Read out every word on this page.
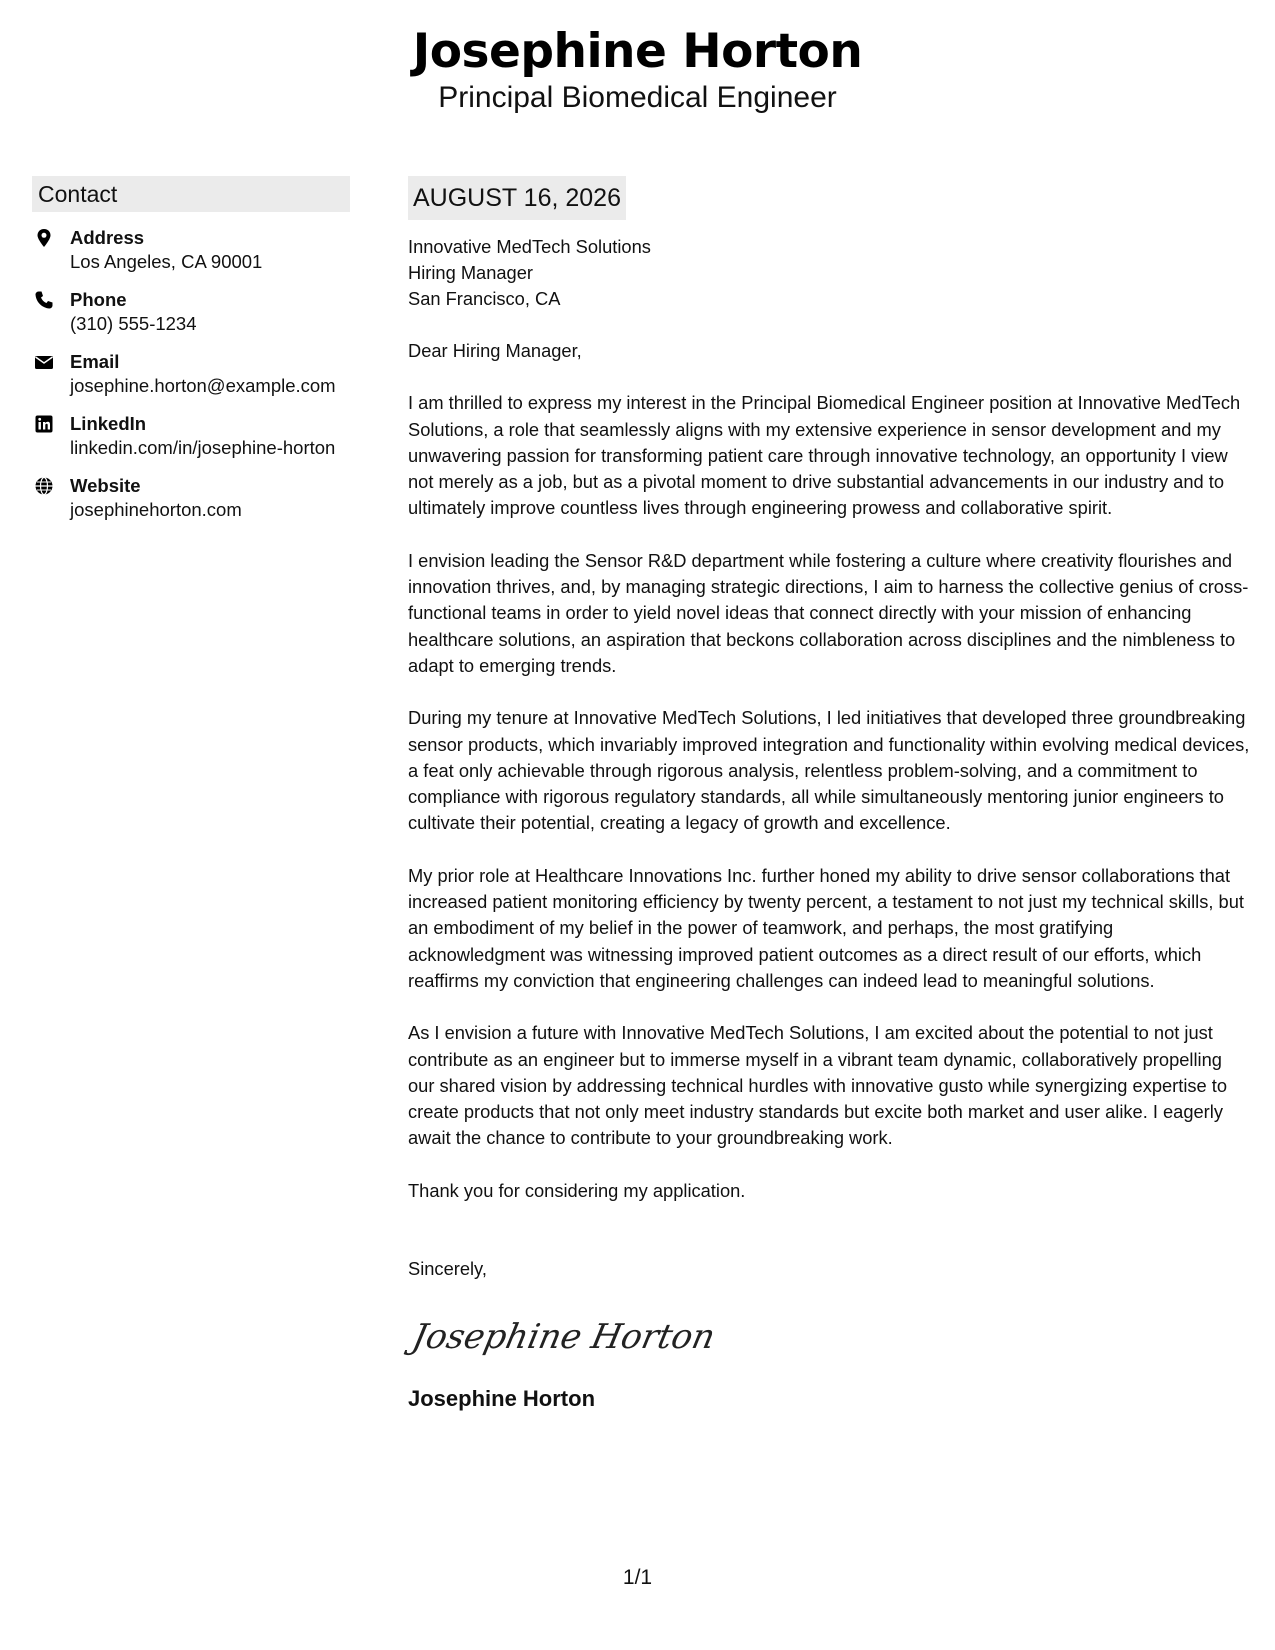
Josephine Horton
Principal Biomedical Engineer
Contact
Address
Los Angeles, CA 90001
Phone
(310) 555-1234
Email
josephine.horton@example.com
LinkedIn
linkedin.com/in/josephine-horton
Website
josephinehorton.com
AUGUST 16, 2026
Innovative MedTech Solutions
Hiring Manager
San Francisco, CA
Dear Hiring Manager,
I am thrilled to express my interest in the Principal Biomedical Engineer position at Innovative MedTech Solutions, a role that seamlessly aligns with my extensive experience in sensor development and my unwavering passion for transforming patient care through innovative technology, an opportunity I view not merely as a job, but as a pivotal moment to drive substantial advancements in our industry and to ultimately improve countless lives through engineering prowess and collaborative spirit.
I envision leading the Sensor R&D department while fostering a culture where creativity flourishes and innovation thrives, and, by managing strategic directions, I aim to harness the collective genius of cross-functional teams in order to yield novel ideas that connect directly with your mission of enhancing healthcare solutions, an aspiration that beckons collaboration across disciplines and the nimbleness to adapt to emerging trends.
During my tenure at Innovative MedTech Solutions, I led initiatives that developed three groundbreaking sensor products, which invariably improved integration and functionality within evolving medical devices, a feat only achievable through rigorous analysis, relentless problem-solving, and a commitment to compliance with rigorous regulatory standards, all while simultaneously mentoring junior engineers to cultivate their potential, creating a legacy of growth and excellence.
My prior role at Healthcare Innovations Inc. further honed my ability to drive sensor collaborations that increased patient monitoring efficiency by twenty percent, a testament to not just my technical skills, but an embodiment of my belief in the power of teamwork, and perhaps, the most gratifying acknowledgment was witnessing improved patient outcomes as a direct result of our efforts, which reaffirms my conviction that engineering challenges can indeed lead to meaningful solutions.
As I envision a future with Innovative MedTech Solutions, I am excited about the potential to not just contribute as an engineer but to immerse myself in a vibrant team dynamic, collaboratively propelling our shared vision by addressing technical hurdles with innovative gusto while synergizing expertise to create products that not only meet industry standards but excite both market and user alike. I eagerly await the chance to contribute to your groundbreaking work.
Thank you for considering my application.
Sincerely,
Josephine Horton
Josephine Horton
1/1
